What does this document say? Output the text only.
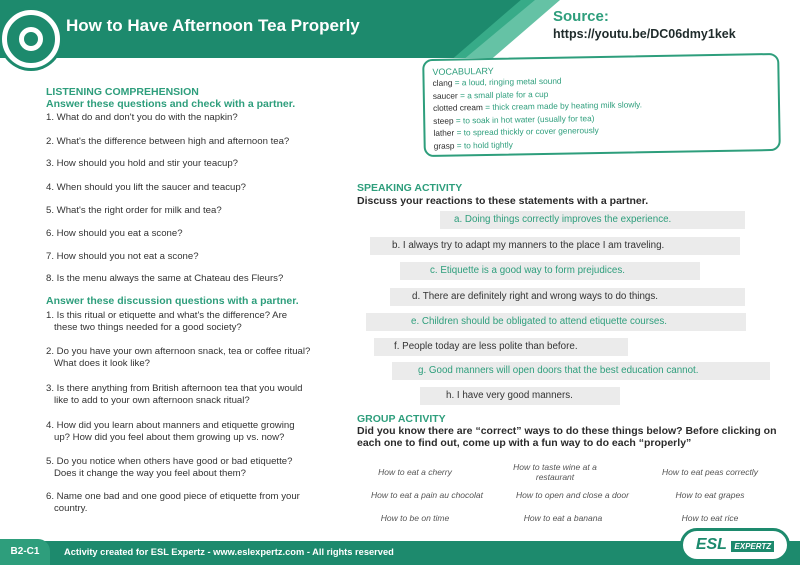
How to Have Afternoon Tea Properly	Source:
https://youtu.be/DC06dmy1kek
VOCABULARY
clang = a loud, ringing metal sound
saucer = a small plate for a cup
clotted cream = thick cream made by heating milk slowly.
steep = to soak in hot water (usually for tea)
lather = to spread thickly or cover generously
grasp = to hold tightly
LISTENING COMPREHENSION
Answer these questions and check with a partner.
1. What do and don't you do with the napkin?
2. What's the difference between high and afternoon tea?
3. How should you hold and stir your teacup?
4. When should you lift the saucer and teacup?
5. What's the right order for milk and tea?
6. How should you eat a scone?
7. How should you not eat a scone?
8. Is the menu always the same at Chateau des Fleurs?
Answer these discussion questions with a partner.
1. Is this ritual or etiquette and what's the difference? Are
these two things needed for a good society?
2. Do you have your own afternoon snack, tea or coffee ritual?
What does it look like?
3. Is there anything from British afternoon tea that you would
like to add to your own afternoon snack ritual?
4. How did you learn about manners and etiquette growing
up? How did you feel about them growing up vs. now?
5. Do you notice when others have good or bad etiquette?
Does it change the way you feel about them?
6. Name one bad and one good piece of etiquette from your
country.
SPEAKING ACTIVITY
Discuss your reactions to these statements with a partner.
a. Doing things correctly improves the experience.
b. I always try to adapt my manners to the place I am traveling.
c. Etiquette is a good way to form prejudices.
d. There are definitely right and wrong ways to do things.
e. Children should be obligated to attend etiquette courses.
f. People today are less polite than before.
g. Good manners will open doors that the best education cannot.
h. I have very good manners.
GROUP ACTIVITY
Did you know there are “correct” ways to do these things below? Before clicking on each one to find out, come up with a fun way to do each “properly”
How to eat a cherry	How to taste wine at a restaurant	How to eat peas correctly
How to eat a pain au chocolat	How to open and close a door	How to eat grapes
How to be on time	How to eat a banana	How to eat rice
B2-C1	Activity created for ESL Expertz - www.eslexpertz.com - All rights reserved	ESL EXPERTZ
